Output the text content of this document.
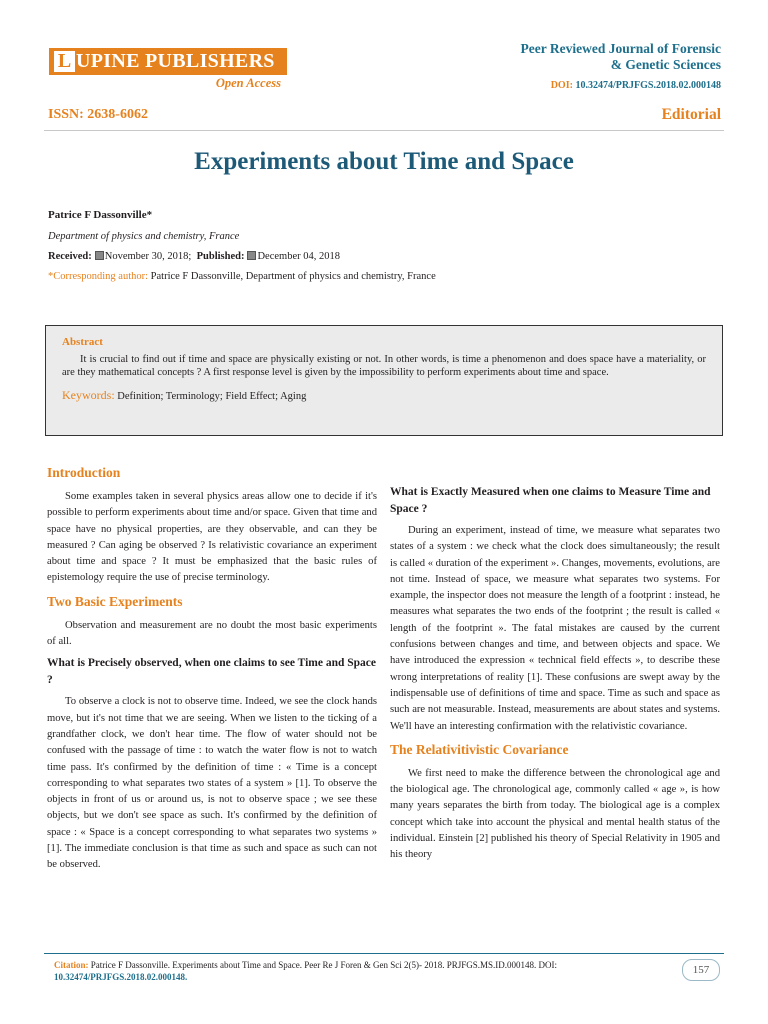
L UPINE PUBLISHERS
Open Access
Peer Reviewed Journal of Forensic
& Genetic Sciences
DOI: 10.32474/PRJFGS.2018.02.000148
ISSN: 2638-6062	Editorial
Experiments about Time and Space
Patrice F Dassonville*
Department of physics and chemistry, France
Received: November 30, 2018; Published: December 04, 2018
*Corresponding author: Patrice F Dassonville, Department of physics and chemistry, France
Abstract
It is crucial to find out if time and space are physically existing or not. In other words, is time a phenomenon and does space have a materiality, or are they mathematical concepts ? A first response level is given by the impossibility to perform experiments about time and space.
Keywords: Definition; Terminology; Field Effect; Aging
Introduction
Some examples taken in several physics areas allow one to decide if it's possible to perform experiments about time and/or space. Given that time and space have no physical properties, are they observable, and can they be measured ? Can aging be observed ? Is relativistic covariance an experiment about time and space ? It must be emphasized that the basic rules of epistemology require the use of precise terminology.
Two Basic Experiments
Observation and measurement are no doubt the most basic experiments of all.
What is Precisely observed, when one claims to see Time and Space ?
To observe a clock is not to observe time. Indeed, we see the clock hands move, but it's not time that we are seeing. When we listen to the ticking of a grandfather clock, we don't hear time. The flow of water should not be confused with the passage of time : to watch the water flow is not to watch time pass. It's confirmed by the definition of time : « Time is a concept corresponding to what separates two states of a system » [1]. To observe the objects in front of us or around us, is not to observe space ; we see these objects, but we don't see space as such. It's confirmed by the definition of space : « Space is a concept corresponding to what separates two systems » [1]. The immediate conclusion is that time as such and space as such can not be observed.
What is Exactly Measured when one claims to Measure Time and Space ?
During an experiment, instead of time, we measure what separates two states of a system : we check what the clock does simultaneously; the result is called « duration of the experiment ». Changes, movements, evolutions, are not time. Instead of space, we measure what separates two systems. For example, the inspector does not measure the length of a footprint : instead, he measures what separates the two ends of the footprint ; the result is called « length of the footprint ». The fatal mistakes are caused by the current confusions between changes and time, and between objects and space. We have introduced the expression « technical field effects », to describe these wrong interpretations of reality [1]. These confusions are swept away by the indispensable use of definitions of time and space. Time as such and space as such are not measurable. Instead, measurements are about states and systems. We'll have an interesting confirmation with the relativistic covariance.
The Relativitivistic Covariance
We first need to make the difference between the chronological age and the biological age. The chronological age, commonly called « age », is how many years separates the birth from today. The biological age is a complex concept which take into account the physical and mental health status of the individual. Einstein [2] published his theory of Special Relativity in 1905 and his theory
Citation: Patrice F Dassonville. Experiments about Time and Space. Peer Re J Foren & Gen Sci 2(5)- 2018. PRJFGS.MS.ID.000148. DOI: 10.32474/PRJFGS.2018.02.000148.
157
